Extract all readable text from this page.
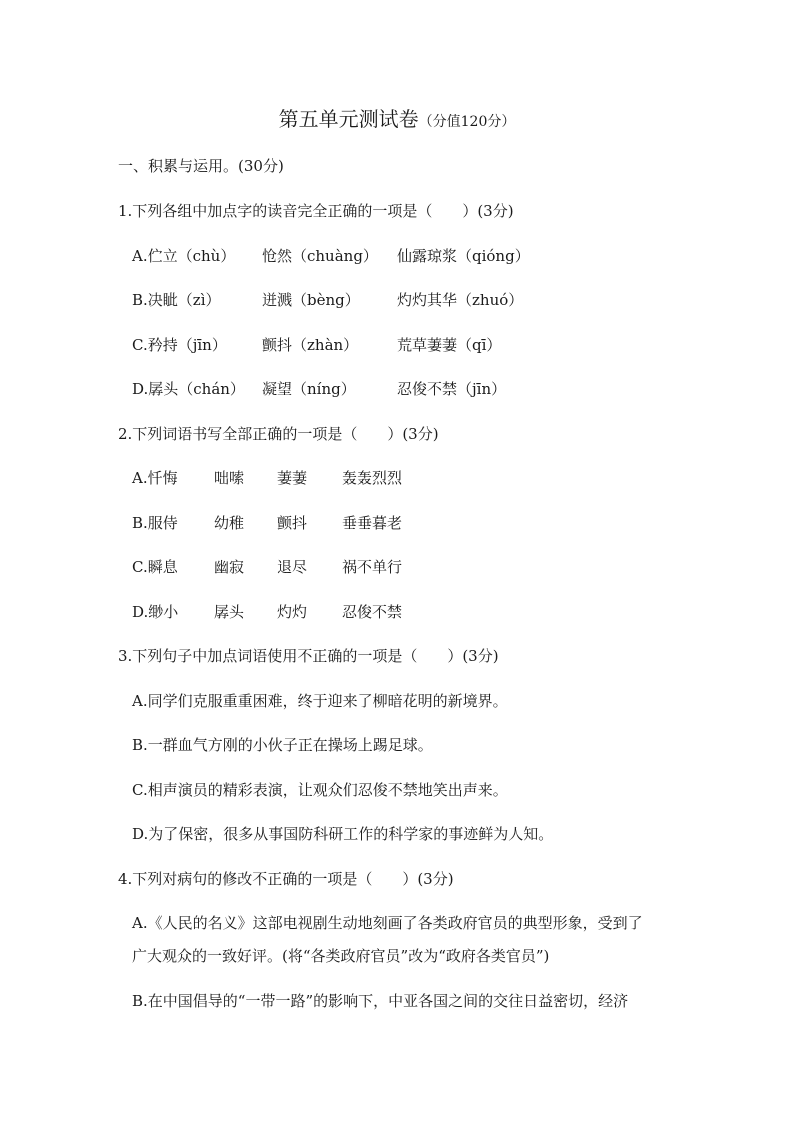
第五单元测试卷（分值120分）
一、积累与运用。(30分)
1.下列各组中加点字的读音完全正确的一项是（　　）(3分)
A.伫立（chù） 怆然（chuàng） 仙露琼浆（qióng）
B.决眦（zì）	迸溅（bèng） 灼灼其华（zhuó）
C.矜持（jīn） 颤抖（zhàn）	荒草萋萋（qī）
D.孱头（chán） 凝望（níng）	忍俊不禁（jīn）
2.下列词语书写全部正确的一项是（　　）(3分)
A.忏悔 咄嗦 萋萋 轰轰烈烈
B.服侍 幼稚 颤抖 垂垂暮老
C.瞬息 幽寂 退尽 祸不单行
D.缈小 孱头 灼灼 忍俊不禁
3.下列句子中加点词语使用不正确的一项是（　　）(3分)
A.同学们克服重重困难，终于迎来了柳暗花明的新境界。
B.一群血气方刚的小伙子正在操场上踢足球。
C.相声演员的精彩表演，让观众们忍俊不禁地笑出声来。
D.为了保密，很多从事国防科研工作的科学家的事迹鲜为人知。
4.下列对病句的修改不正确的一项是（　　）(3分)
A.《人民的名义》这部电视剧生动地刻画了各类政府官员的典型形象，受到了
广大观众的一致好评。(将“各类政府官员”改为“政府各类官员”)
B.在中国倡导的“一带一路”的影响下，中亚各国之间的交往日益密切，经济
